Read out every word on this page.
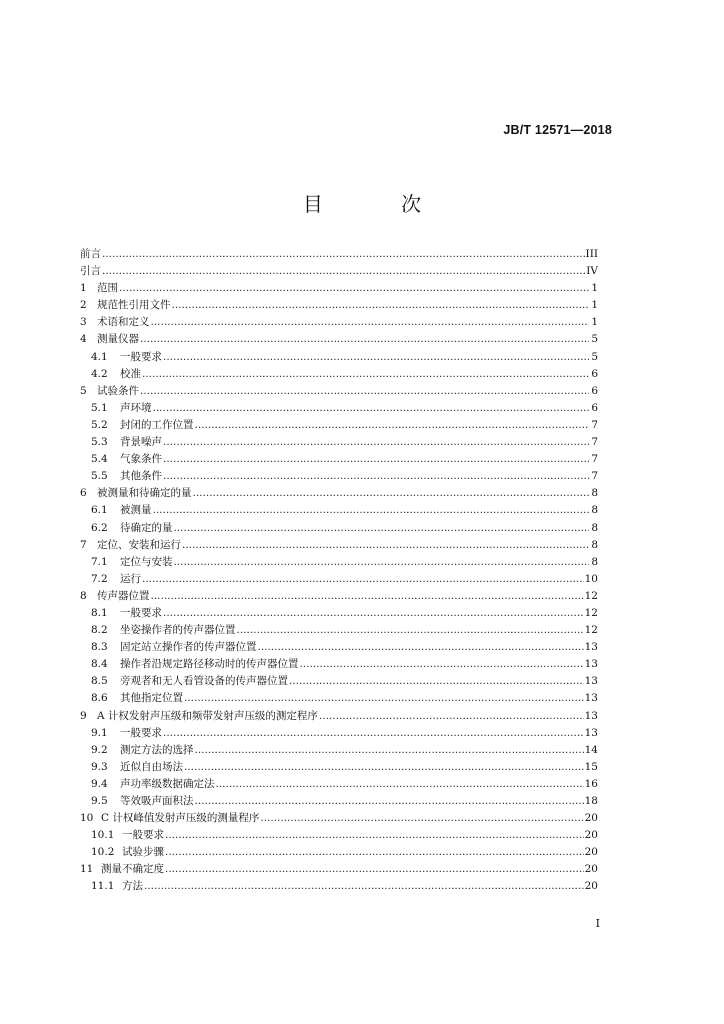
JB/T 12571—2018
目 次
前言 .....	III
引言 .....	IV
1 范围 .....	1
2 规范性引用文件 .....	1
3 术语和定义 .....	1
4 测量仪器 .....	5
4.1	一般要求 .....	5
4.2	校准 .....	6
5 试验条件 .....	6
5.1	声环境 .....	6
5.2	封闭的工作位置 .....	7
5.3	背景噪声 .....	7
5.4	气象条件 .....	7
5.5	其他条件 .....	7
6 被测量和待确定的量 .....	8
6.1	被测量 .....	8
6.2	待确定的量 .....	8
7 定位、安装和运行 .....	8
7.1	定位与安装 .....	8
7.2	运行 .....	10
8 传声器位置 .....	12
8.1	一般要求 .....	12
8.2	坐姿操作者的传声器位置 .....	12
8.3	固定站立操作者的传声器位置 .....	13
8.4	操作者沿规定路径移动时的传声器位置 .....	13
8.5	旁观者和无人看管设备的传声器位置 .....	13
8.6	其他指定位置 .....	13
9 A 计权发射声压级和频带发射声压级的测定程序 .....	13
9.1	一般要求 .....	13
9.2	测定方法的选择 .....	14
9.3	近似自由场法 .....	15
9.4	声功率级数据确定法 .....	16
9.5	等效吸声面积法 .....	18
10 C 计权峰值发射声压级的测量程序 .....	20
10.1 一般要求 .....	20
10.2 试验步骤 .....	20
11 测量不确定度 .....	20
11.1 方法 .....	20
I
